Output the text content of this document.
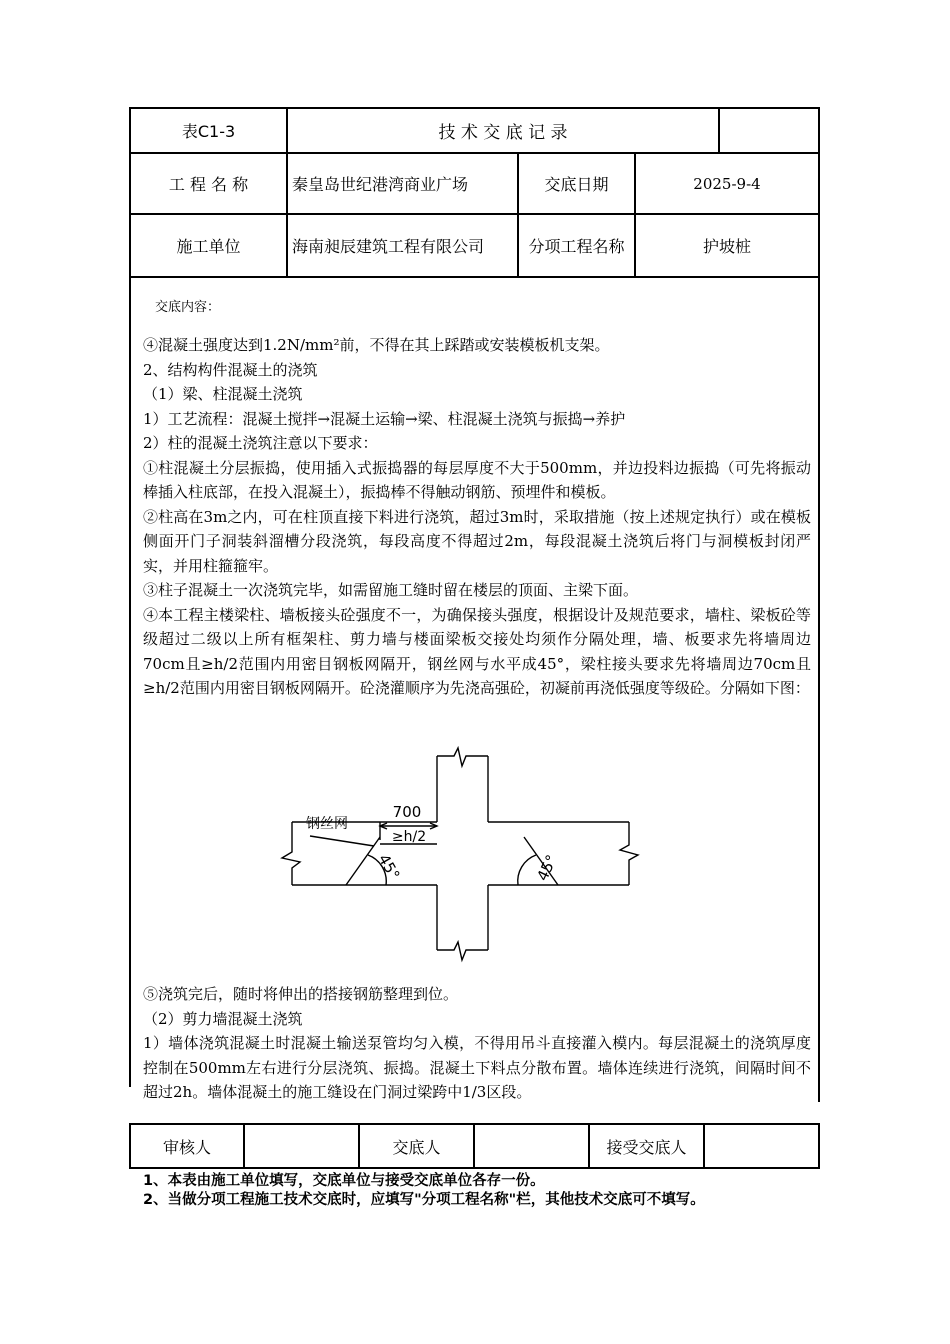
表C1-3	技 术 交 底 记 录
工 程 名 称	秦皇岛世纪港湾商业广场	交底日期	2025-9-4
施工单位	海南昶辰建筑工程有限公司	分项工程名称	护坡桩
交底内容：

④混凝土强度达到1.2N/mm²前，不得在其上踩踏或安装模板机支架。

2、结构构件混凝土的浇筑

（1）梁、柱混凝土浇筑

1）工艺流程：混凝土搅拌→混凝土运输→梁、柱混凝土浇筑与振捣→养护

2）柱的混凝土浇筑注意以下要求：

①柱混凝土分层振捣，使用插入式振捣器的每层厚度不大于500mm，并边投料边振捣（可先将振动棒插入柱底部，在投入混凝土），振捣棒不得触动钢筋、预埋件和模板。

②柱高在3m之内，可在柱顶直接下料进行浇筑，超过3m时，采取措施（按上述规定执行）或在模板侧面开门子洞装斜溜槽分段浇筑，每段高度不得超过2m，每段混凝土浇筑后将门与洞模板封闭严实，并用柱箍箍牢。

③柱子混凝土一次浇筑完毕，如需留施工缝时留在楼层的顶面、主梁下面。

④本工程主楼梁柱、墙板接头砼强度不一，为确保接头强度，根据设计及规范要求，墙柱、梁板砼等级超过二级以上所有框架柱、剪力墙与楼面梁板交接处均须作分隔处理，墙、板要求先将墙周边70cm且≥h/2范围内用密目钢板网隔开，钢丝网与水平成45°，梁柱接头要求先将墙周边70cm且≥h/2范围内用密目钢板网隔开。砼浇灌顺序为先浇高强砼，初凝前再浇低强度等级砼。分隔如下图：

700
≥h/2
钢丝网
45°	45°

⑤浇筑完后，随时将伸出的搭接钢筋整理到位。

（2）剪力墙混凝土浇筑

1）墙体浇筑混凝土时混凝土输送泵管均匀入模，不得用吊斗直接灌入模内。每层混凝土的浇筑厚度控制在500mm左右进行分层浇筑、振捣。混凝土下料点分散布置。墙体连续进行浇筑，间隔时间不超过2h。墙体混凝土的施工缝设在门洞过梁跨中1/3区段。

审核人	交底人	接受交底人

1、本表由施工单位填写，交底单位与接受交底单位各存一份。

2、当做分项工程施工技术交底时，应填写"分项工程名称"栏，其他技术交底可不填写。
